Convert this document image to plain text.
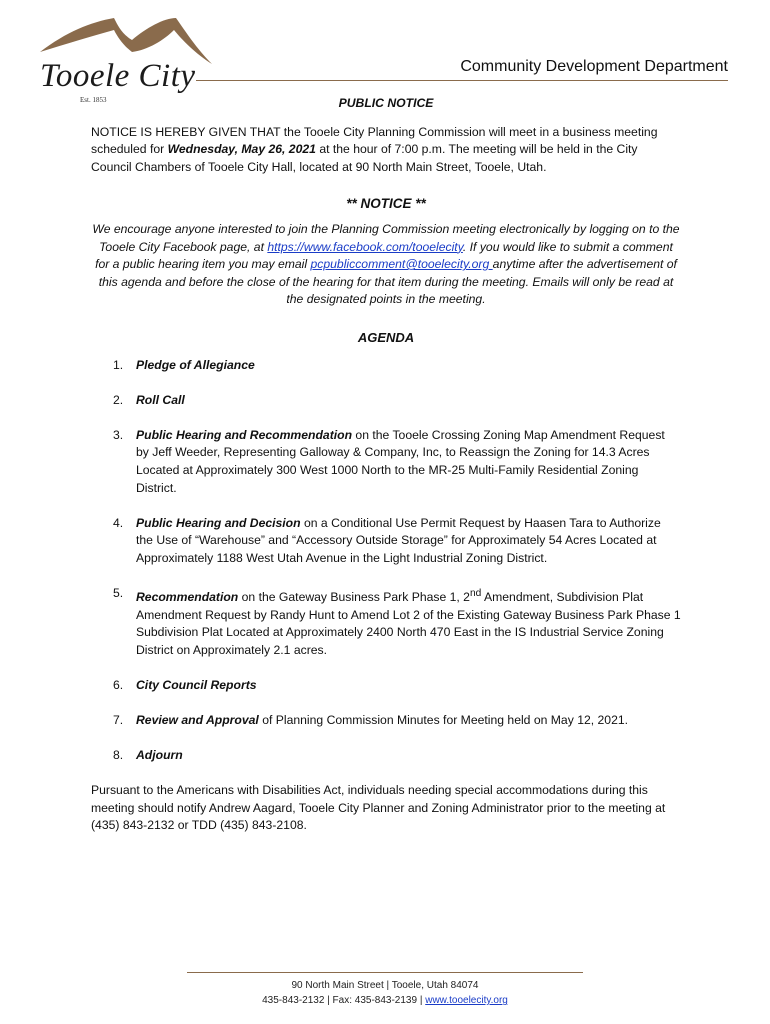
Tooele City
Est. 1853
Community Development Department
PUBLIC NOTICE
NOTICE IS HEREBY GIVEN THAT the Tooele City Planning Commission will meet in a business meeting scheduled for Wednesday, May 26, 2021 at the hour of 7:00 p.m. The meeting will be held in the City Council Chambers of Tooele City Hall, located at 90 North Main Street, Tooele, Utah.
** NOTICE **
We encourage anyone interested to join the Planning Commission meeting electronically by logging on to the Tooele City Facebook page, at https://www.facebook.com/tooelecity. If you would like to submit a comment for a public hearing item you may email pcpubliccomment@tooelecity.org anytime after the advertisement of this agenda and before the close of the hearing for that item during the meeting. Emails will only be read at the designated points in the meeting.
AGENDA
1. Pledge of Allegiance
2. Roll Call
3. Public Hearing and Recommendation on the Tooele Crossing Zoning Map Amendment Request by Jeff Weeder, Representing Galloway & Company, Inc, to Reassign the Zoning for 14.3 Acres Located at Approximately 300 West 1000 North to the MR-25 Multi-Family Residential Zoning District.
4. Public Hearing and Decision on a Conditional Use Permit Request by Haasen Tara to Authorize the Use of “Warehouse” and “Accessory Outside Storage” for Approximately 54 Acres Located at Approximately 1188 West Utah Avenue in the Light Industrial Zoning District.
5. Recommendation on the Gateway Business Park Phase 1, 2nd Amendment, Subdivision Plat Amendment Request by Randy Hunt to Amend Lot 2 of the Existing Gateway Business Park Phase 1 Subdivision Plat Located at Approximately 2400 North 470 East in the IS Industrial Service Zoning District on Approximately 2.1 acres.
6. City Council Reports
7. Review and Approval of Planning Commission Minutes for Meeting held on May 12, 2021.
8. Adjourn
Pursuant to the Americans with Disabilities Act, individuals needing special accommodations during this meeting should notify Andrew Aagard, Tooele City Planner and Zoning Administrator prior to the meeting at (435) 843-2132 or TDD (435) 843-2108.
90 North Main Street | Tooele, Utah 84074
435-843-2132 | Fax: 435-843-2139 | www.tooelecity.org
